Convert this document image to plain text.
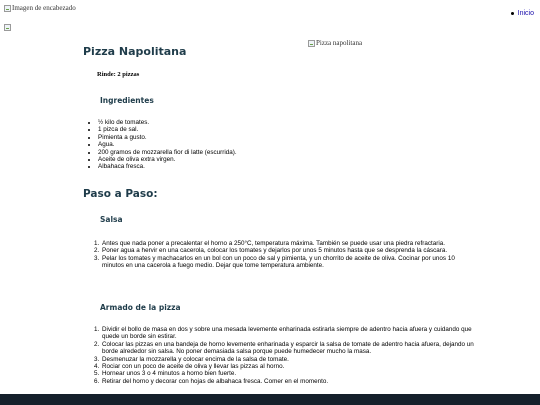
Imagen de encabezado
Inicio
Pizza Napolitana
Pizza napolitana
Rinde: 2 pizzas
Ingredientes
• ½ kilo de tomates.
• 1 pizca de sal.
• Pimienta a gusto.
• Agua.
• 200 gramos de mozzarella fior di latte (escurrida).
• Aceite de oliva extra virgen.
• Albahaca fresca.
Paso a Paso:
Salsa
1. Antes que nada poner a precalentar el horno a 250°C, temperatura máxima. También se puede usar una piedra refractaria.
2. Poner agua a hervir en una cacerola, colocar los tomates y dejarlos por unos 5 minutos hasta que se desprenda la cáscara.
3. Pelar los tomates y machacarlos en un bol con un poco de sal y pimienta, y un chorrito de aceite de oliva. Cocinar por unos 10 minutos en una cacerola a fuego medio. Dejar que tome temperatura ambiente.
Armado de la pizza
1. Dividir el bollo de masa en dos y sobre una mesada levemente enharinada estirarla siempre de adentro hacia afuera y cuidando que quede un borde sin estirar.
2. Colocar las pizzas en una bandeja de horno levemente enharinada y esparcir la salsa de tomate de adentro hacia afuera, dejando un borde alrededor sin salsa. No poner demasiada salsa porque puede humedecer mucho la masa.
3. Desmenuzar la mozzarella y colocar encima de la salsa de tomate.
4. Rociar con un poco de aceite de oliva y llevar las pizzas al horno.
5. Hornear unos 3 o 4 minutos a horno bien fuerte.
6. Retirar del horno y decorar con hojas de albahaca fresca. Comer en el momento.
